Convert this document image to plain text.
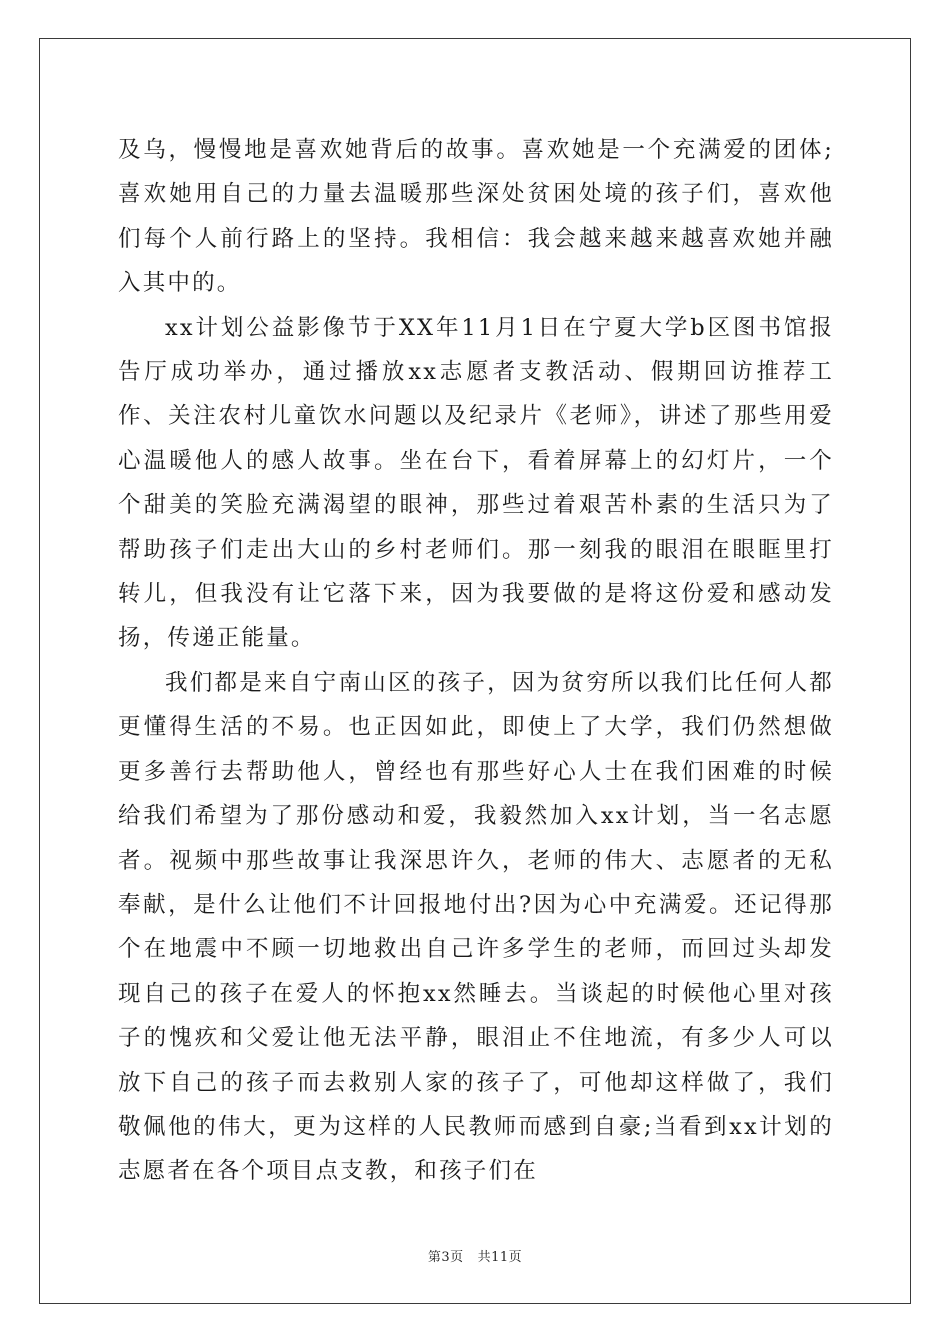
及乌，慢慢地是喜欢她背后的故事。喜欢她是一个充满爱的团体;喜欢她用自己的力量去温暖那些深处贫困处境的孩子们，喜欢他们每个人前行路上的坚持。我相信：我会越来越来越喜欢她并融入其中的。

xx计划公益影像节于XX年11月1日在宁夏大学b区图书馆报告厅成功举办，通过播放xx志愿者支教活动、假期回访推荐工作、关注农村儿童饮水问题以及纪录片《老师》，讲述了那些用爱心温暖他人的感人故事。坐在台下，看着屏幕上的幻灯片，一个个甜美的笑脸充满渴望的眼神，那些过着艰苦朴素的生活只为了帮助孩子们走出大山的乡村老师们。那一刻我的眼泪在眼眶里打转儿，但我没有让它落下来，因为我要做的是将这份爱和感动发扬，传递正能量。

我们都是来自宁南山区的孩子，因为贫穷所以我们比任何人都更懂得生活的不易。也正因如此，即使上了大学，我们仍然想做更多善行去帮助他人，曾经也有那些好心人士在我们困难的时候给我们希望为了那份感动和爱，我毅然加入xx计划，当一名志愿者。视频中那些故事让我深思许久，老师的伟大、志愿者的无私奉献，是什么让他们不计回报地付出?因为心中充满爱。还记得那个在地震中不顾一切地救出自己许多学生的老师，而回过头却发现自己的孩子在爱人的怀抱xx然睡去。当谈起的时候他心里对孩子的愧疚和父爱让他无法平静，眼泪止不住地流，有多少人可以放下自己的孩子而去救别人家的孩子了，可他却这样做了，我们敬佩他的伟大，更为这样的人民教师而感到自豪;当看到xx计划的志愿者在各个项目点支教，和孩子们在

第3页 共11页
